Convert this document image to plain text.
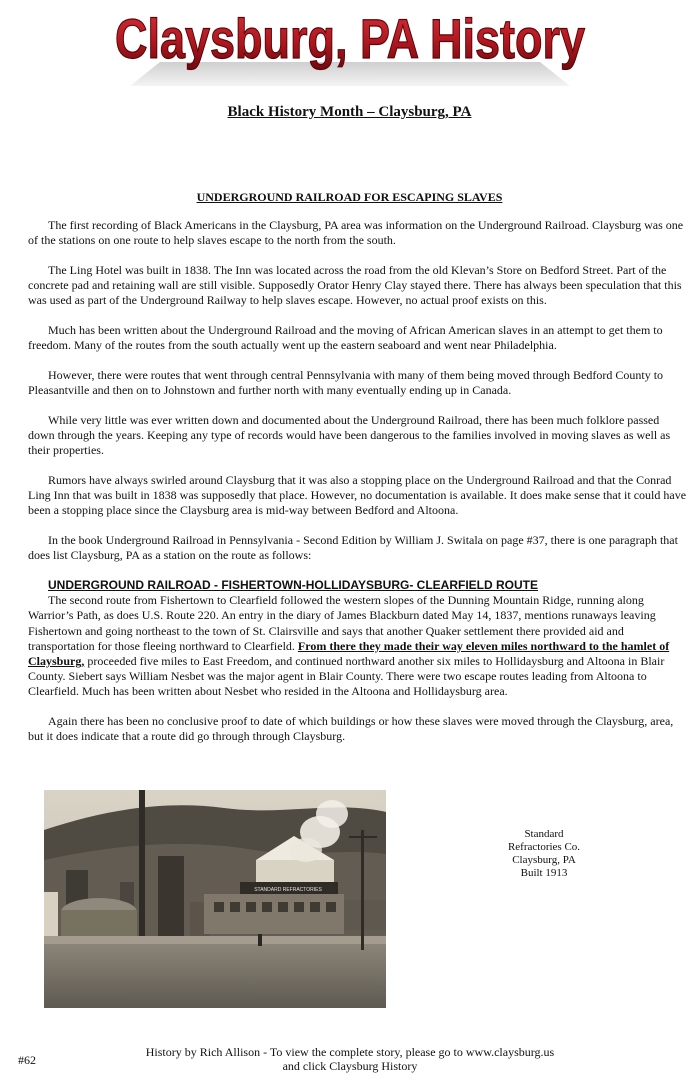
Claysburg, PA History
Black History Month – Claysburg, PA
UNDERGROUND RAILROAD FOR ESCAPING SLAVES

The first recording of Black Americans in the Claysburg, PA area was information on the Underground Railroad. Claysburg was one of the stations on one route to help slaves escape to the north from the south.

The Ling Hotel was built in 1838. The Inn was located across the road from the old Klevan’s Store on Bedford Street. Part of the concrete pad and retaining wall are still visible. Supposedly Orator Henry Clay stayed there. There has always been speculation that this was used as part of the Underground Railway to help slaves escape. However, no actual proof exists on this.

Much has been written about the Underground Railroad and the moving of African American slaves in an attempt to get them to freedom. Many of the routes from the south actually went up the eastern seaboard and went near Philadelphia.

However, there were routes that went through central Pennsylvania with many of them being moved through Bedford County to Pleasantville and then on to Johnstown and further north with many eventually ending up in Canada.

While very little was ever written down and documented about the Underground Railroad, there has been much folklore passed down through the years. Keeping any type of records would have been dangerous to the families involved in moving slaves as well as their properties.

Rumors have always swirled around Claysburg that it was also a stopping place on the Underground Railroad and that the Conrad Ling Inn that was built in 1838 was supposedly that place. However, no documentation is available. It does make sense that it could have been a stopping place since the Claysburg area is mid-way between Bedford and Altoona.

In the book Underground Railroad in Pennsylvania - Second Edition by William J. Switala on page #37, there is one paragraph that does list Claysburg, PA as a station on the route as follows:

UNDERGROUND RAILROAD - FISHERTOWN-HOLLIDAYSBURG- CLEARFIELD ROUTE
The second route from Fishertown to Clearfield followed the western slopes of the Dunning Mountain Ridge, running along Warrior’s Path, as does U.S. Route 220. An entry in the diary of James Blackburn dated May 14, 1837, mentions runaways leaving Fishertown and going northeast to the town of St. Clairsville and says that another Quaker settlement there provided aid and transportation for those fleeing northward to Clearfield. From there they made their way eleven miles northward to the hamlet of Claysburg, proceeded five miles to East Freedom, and continued northward another six miles to Hollidaysburg and Altoona in Blair County. Siebert says William Nesbet was the major agent in Blair County. There were two escape routes leading from Altoona to Clearfield. Much has been written about Nesbet who resided in the Altoona and Hollidaysburg area.

Again there has been no conclusive proof to date of which buildings or how these slaves were moved through the Claysburg, area, but it does indicate that a route did go through through Claysburg.

STANDARD REFRACTORIES
Standard
Refractories Co.
Claysburg, PA
Built 1913
History by Rich Allison - To view the complete story, please go to www.claysburg.us
and click Claysburg History
#62
